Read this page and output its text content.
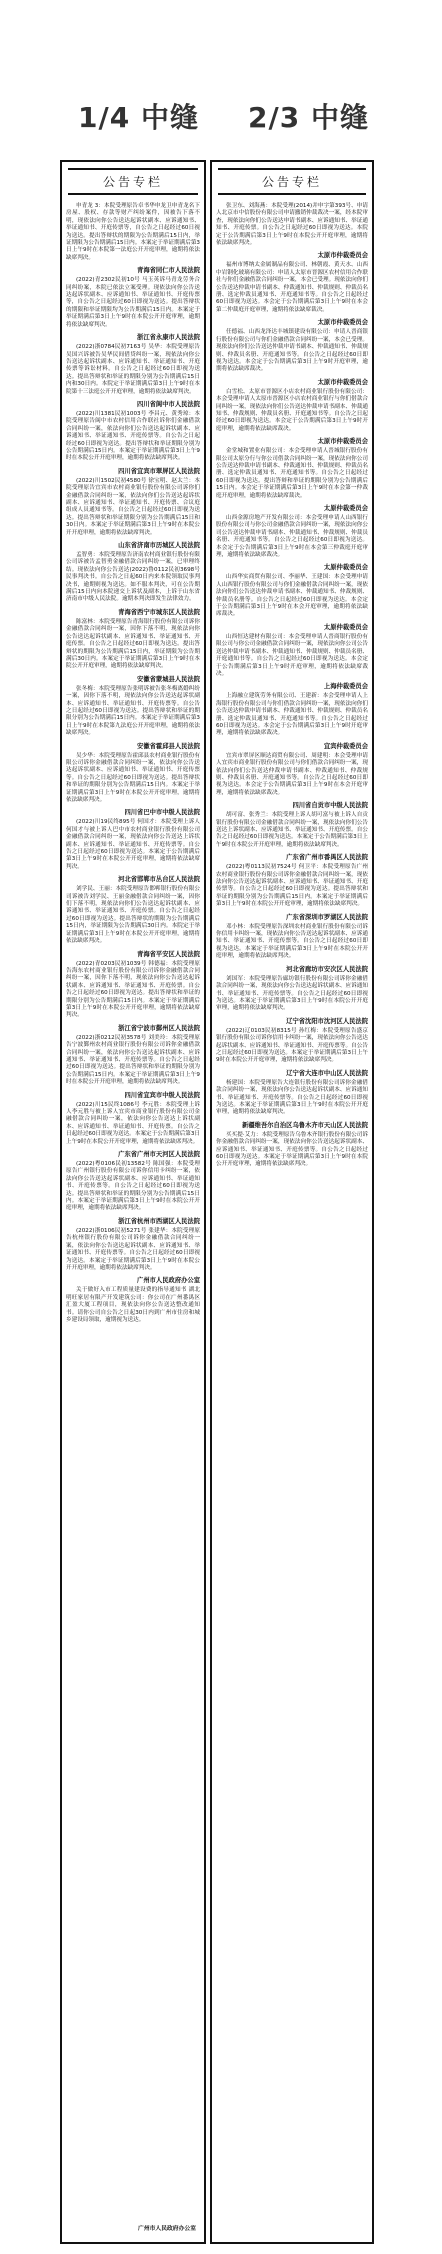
1/4 中缝 2/3 中缝
公告专栏
申青龙 3：本院受理原告卓书华申龙卫申青龙名下房屋、股权、存款等财产纠纷案件，因被告下落不明，现依法向你公告送达起诉状副本、应诉通知书、举证通知书、开庭传票等，自公告之日起经过60日视为送达。提出答辩状的期限为公告期满后15日内，举证期限为公告期满后15日内。本案定于举证期满后第3日上午9时在本院第一法庭公开开庭审理，逾期将依法缺席判决。
青海省同仁市人民法院
(2022)青2302民初10号 马玉英诉马青龙劳务合同纠纷案，本院已依法立案受理。现依法向你公告送达起诉状副本、应诉通知书、举证通知书、开庭传票等，自公告之日起经过60日即视为送达。提出答辩状的期限和举证期限均为公告期满后15日内。本案定于举证期满后第3日上午9时在本院公开开庭审理，逾期将依法缺席判决。
浙江省永康市人民法院
(2022)浙0784民初7163号 吴华：本院受理原告吴国兴诉被告吴华民间借贷纠纷一案，现依法向你公告送达起诉状副本、应诉通知书、举证通知书、开庭传票等诉讼材料。自公告之日起经过60日即视为送达。提出答辩状和举证的期限分别为公告期满后15日内和30日内。本院定于举证期满后第3日上午9时在本院第十三法庭公开开庭审理，逾期将依法缺席判决。
四川省阆中市人民法院
(2022)川1381民初1003号 李昌元、黄秀琼：本院受理原告阆中市农村信用合作联社诉你们金融借款合同纠纷一案，依法向你们公告送达起诉状副本、应诉通知书、举证通知书、开庭传票等。自公告之日起经过60日即视为送达。提出答辩状和举证期限分别为公告期满后15日内。本案定于举证期满后第3日上午9时在本院公开开庭审理，逾期将依法缺席判决。
四川省宜宾市翠屏区人民法院
(2022)川1502民初4580号 徐宝明、赵太兰：本院受理原告宜宾市农村商业银行股份有限公司诉你们金融借款合同纠纷一案，依法向你们公告送达起诉状副本、应诉通知书、举证通知书、开庭传票、合议庭组成人员通知书等。自公告之日起经过60日即视为送达。提出答辩状和举证期限分别为公告期满后15日和30日内。本案定于举证期满后第3日上午9时在本院公开开庭审理，逾期将依法缺席判决。
山东省济南市历城区人民法院
孟智勇：本院受理原告济南农村商业银行股份有限公司诉被告孟智勇金融借款合同纠纷一案，已审理终结。现依法向你公告送达(2022)鲁0112民初3698号民事判决书。自公告之日起60日内来本院领取民事判决书，逾期则视为送达。如不服本判决，可在公告期满后15日内向本院递交上诉状及副本，上诉于山东省济南市中级人民法院。逾期本判决即发生法律效力。
青海省西宁市城东区人民法院
陈富林：本院受理原告青海银行股份有限公司诉你金融借款合同纠纷一案，因你下落不明，现依法向你公告送达起诉状副本、应诉通知书、举证通知书、开庭传票。自公告之日起经过60日即视为送达。提出答辩状的期限为公告期满后15日内，举证期限为公告期满后30日内。本案定于举证期满后第3日上午9时在本院公开开庭审理，逾期将依法缺席判决。
安徽省蒙城县人民法院
张冬梅：本院受理原告张明诉被告张冬梅离婚纠纷一案，因你下落不明，现依法向你公告送达起诉状副本、应诉通知书、举证通知书、开庭传票等。自公告之日起经过60日即视为送达。提出答辩状和举证的期限分别为公告期满后15日内。本案定于举证期满后第3日上午9时在本院第九法庭公开开庭审理，逾期将依法缺席判决。
安徽省霍邱县人民法院
吴少华：本院受理原告霍邱县农村商业银行股份有限公司诉你金融借款合同纠纷一案，依法向你公告送达起诉状副本、应诉通知书、举证通知书、开庭传票等。自公告之日起经过60日即视为送达。提出答辩状和举证的期限分别为公告期满后15日内。本案定于举证期满后第3日上午9时在本院公开开庭审理，逾期将依法缺席判决。
四川省巴中市中级人民法院
(2022)川19民终895号 何国才：本院受理上诉人何国才与被上诉人巴中市农村商业银行股份有限公司金融借款合同纠纷一案，现依法向你公告送达上诉状副本、应诉通知书、举证通知书、开庭传票等。自公告之日起经过60日即视为送达。本案定于公告期满后第3日上午9时在本院公开开庭审理，逾期将依法缺席判决。
河北省邯郸市丛台区人民法院
刘学民、王丽：本院受理原告邯郸银行股份有限公司诉被告刘学民、王丽金融借款合同纠纷一案，因你们下落不明，现依法向你们公告送达起诉状副本、应诉通知书、举证通知书、开庭传票。自公告之日起经过60日即视为送达。提出答辩状的期限为公告期满后15日内，举证期限为公告期满后30日内。本院定于举证期满后第3日上午9时在本院公开开庭审理，逾期将依法缺席判决。
青海省平安区人民法院
(2022)青0203民初1039号 韩德福：本院受理原告海东农村商业银行股份有限公司诉你金融借款合同纠纷一案，因你下落不明，现依法向你公告送达起诉状副本、应诉通知书、举证通知书、开庭传票。自公告之日起经过60日即视为送达。提出答辩状和举证的期限分别为公告期满后15日内。本案定于举证期满后第3日上午9时在本院公开开庭审理，逾期将依法缺席判决。
浙江省宁波市鄞州区人民法院
(2022)浙0212民初3578号 刘美玲：本院受理原告宁波鄞州农村商业银行股份有限公司诉你金融借款合同纠纷一案，依法向你公告送达起诉状副本、应诉通知书、举证通知书、开庭传票等。自公告之日起经过60日即视为送达。提出答辩状和举证的期限分别为公告期满后15日内。本案定于举证期满后第3日上午9时在本院公开开庭审理，逾期将依法缺席判决。
四川省宜宾市中级人民法院
(2022)川15民终1086号 李元胜：本院受理上诉人李元胜与被上诉人宜宾市商业银行股份有限公司金融借款合同纠纷一案，依法向你公告送达上诉状副本、应诉通知书、举证通知书、开庭传票。自公告之日起经过60日即视为送达。本案定于公告期满后第3日上午9时在本院公开开庭审理，逾期将依法缺席判决。
广东省广州市天河区人民法院
(2022)粤0106民初13582号 陈国强：本院受理原告广州银行股份有限公司诉你信用卡纠纷一案，依法向你公告送达起诉状副本、应诉通知书、举证通知书、开庭传票等。自公告之日起经过60日即视为送达。提出答辩状和举证的期限分别为公告期满后15日内。本案定于举证期满后第3日上午9时在本院公开开庭审理，逾期将依法缺席判决。
浙江省杭州市西湖区人民法院
(2022)浙0106民初5271号 张建华：本院受理原告杭州银行股份有限公司诉你金融借款合同纠纷一案，依法向你公告送达起诉状副本、应诉通知书、举证通知书、开庭传票等。自公告之日起经过60日即视为送达。本案定于举证期满后第3日上午9时在本院公开开庭审理，逾期将依法缺席判决。
广州市人民政府办公室
关于做好入市工程质量建设费的指导通知书 湖北明旺家居有限产开发建筑公司：你公司在广州番禺区汇盈大厦工程项目，现依法向你公告送达整改通知书。请你公司自公告之日起30日内到广州市住房和城乡建设局领取，逾期视为送达。
广州市人民政府办公室
公告专栏
张卫东、刘海燕：本院受理(2014)并申字第393号、申请人北京市中信股份有限公司申请撤销仲裁裁决一案，经本院审查，现依法向你们公告送达申请书副本、应诉通知书、举证通知书、开庭传票。自公告之日起经过60日即视为送达。本院定于公告期满后第3日上午9时在本院公开开庭审理，逾期将依法缺席判决。
太原市仲裁委员会
福州市博纳太金属制品有限公司、林朝霞、黄天水、山西中岩钢化玻璃有限公司：申请人太原市晋源区农村信用合作联社与你们金融借款合同纠纷一案，本会已受理。现依法向你们公告送达仲裁申请书副本、仲裁通知书、仲裁规则、仲裁员名册、选定仲裁员通知书、开庭通知书等。自公告之日起经过60日即视为送达。本会定于公告期满后第3日上午9时在本会第二仲裁庭开庭审理，逾期将依法缺席裁决。
太原市仲裁委员会
任德福、山西龙泽达丰城镇建设有限公司：申请人晋商银行股份有限公司与你们金融借款合同纠纷一案，本会已受理。现依法向你们公告送达仲裁申请书副本、仲裁通知书、仲裁规则、仲裁员名册、开庭通知书等。自公告之日起经过60日即视为送达。本会定于公告期满后第3日上午9时开庭审理，逾期将依法缺席裁决。
太原市仲裁委员会
白雪松、太原市晋源区小店农村商业银行股份有限公司：本会受理申请人太原市晋源区小店农村商业银行与你们借款合同纠纷一案，现依法向你们公告送达仲裁申请书副本、仲裁通知书、仲裁规则、仲裁员名册、开庭通知书等。自公告之日起经过60日即视为送达。本会定于公告期满后第3日上午9时开庭审理，逾期将依法缺席裁决。
太原市仲裁委员会
金堂城和置业有限公司：本会受理申请人晋城银行股份有限公司太原分行与你公司借款合同纠纷一案，现依法向你公司公告送达仲裁申请书副本、仲裁通知书、仲裁规则、仲裁员名册、选定仲裁员通知书、开庭通知书等。自公告之日起经过60日即视为送达。提出答辩和举证的期限分别为公告期满后15日内。本会定于举证期满后第3日上午9时在本会第一仲裁庭开庭审理，逾期将依法缺席裁决。
太原仲裁委员会
山西金源房地产开发有限公司：本会受理申请人山西银行股份有限公司与你公司金融借款合同纠纷一案，现依法向你公司公告送达仲裁申请书副本、仲裁通知书、仲裁规则、仲裁员名册、开庭通知书等。自公告之日起经过60日即视为送达。本会定于公告期满后第3日上午9时在本会第三仲裁庭开庭审理，逾期将依法缺席裁决。
太原仲裁委员会
山西华实商贸有限公司、李丽华、王建国：本会受理申请人山西银行股份有限公司与你们金融借款合同纠纷一案，现依法向你们公告送达仲裁申请书副本、仲裁通知书、仲裁规则、仲裁员名册等。自公告之日起经过60日即视为送达。本会定于公告期满后第3日上午9时在本会开庭审理，逾期将依法缺席裁决。
太原仲裁委员会
山西恒达建材有限公司：本会受理申请人晋商银行股份有限公司与你公司金融借款合同纠纷一案，现依法向你公司公告送达仲裁申请书副本、仲裁通知书、仲裁规则、仲裁员名册、开庭通知书等。自公告之日起经过60日即视为送达。本会定于公告期满后第3日上午9时开庭审理，逾期将依法缺席裁决。
上海仲裁委员会
上海融立建筑劳务有限公司、王建新：本会受理申请人上海银行股份有限公司与你们借款合同纠纷一案，现依法向你们公告送达仲裁申请书副本、仲裁通知书、仲裁规则、仲裁员名册、选定仲裁员通知书、开庭通知书等。自公告之日起经过60日即视为送达。本会定于公告期满后第3日上午9时开庭审理，逾期将依法缺席裁决。
宜宾仲裁委员会
宜宾市翠屏区顺达商贸有限公司、周建明：本会受理申请人宜宾市商业银行股份有限公司与你们借款合同纠纷一案，现依法向你们公告送达仲裁申请书副本、仲裁通知书、仲裁规则、仲裁员名册、开庭通知书等。自公告之日起经过60日即视为送达。本会定于公告期满后第3日上午9时在本会开庭审理，逾期将依法缺席裁决。
四川省自贡市中级人民法院
胡可富、张秀兰：本院受理上诉人胡可富与被上诉人自贡银行股份有限公司金融借款合同纠纷一案，现依法向你们公告送达上诉状副本、应诉通知书、举证通知书、开庭传票。自公告之日起经过60日即视为送达。本案定于公告期满后第3日上午9时在本院公开开庭审理，逾期将依法缺席判决。
广东省广州市番禺区人民法院
(2022)粤0113民初7524号 何卫平：本院受理原告广州农村商业银行股份有限公司诉你金融借款合同纠纷一案，现依法向你公告送达起诉状副本、应诉通知书、举证通知书、开庭传票等。自公告之日起经过60日即视为送达。提出答辩状和举证的期限分别为公告期满后15日内。本案定于举证期满后第3日上午9时在本院公开开庭审理，逾期将依法缺席判决。
广东省深圳市罗湖区人民法院
邓小林：本院受理原告深圳农村商业银行股份有限公司诉你信用卡纠纷一案，现依法向你公告送达起诉状副本、应诉通知书、举证通知书、开庭传票等。自公告之日起经过60日即视为送达。本案定于举证期满后第3日上午9时在本院公开开庭审理，逾期将依法缺席判决。
河北省廊坊市安次区人民法院
刘国军：本院受理原告廊坊银行股份有限公司诉你金融借款合同纠纷一案，现依法向你公告送达起诉状副本、应诉通知书、举证通知书、开庭传票等。自公告之日起经过60日即视为送达。本案定于举证期满后第3日上午9时在本院公开开庭审理，逾期将依法缺席判决。
辽宁省沈阳市沈河区人民法院
(2022)辽0103民初8315号 孙红梅：本院受理原告盛京银行股份有限公司诉你信用卡纠纷一案，现依法向你公告送达起诉状副本、应诉通知书、举证通知书、开庭传票等。自公告之日起经过60日即视为送达。本案定于举证期满后第3日上午9时在本院公开开庭审理，逾期将依法缺席判决。
辽宁省大连市中山区人民法院
杨建国：本院受理原告大连银行股份有限公司诉你金融借款合同纠纷一案，现依法向你公告送达起诉状副本、应诉通知书、举证通知书、开庭传票等。自公告之日起经过60日即视为送达。本案定于举证期满后第3日上午9时在本院公开开庭审理，逾期将依法缺席判决。
新疆维吾尔自治区乌鲁木齐市天山区人民法院
买买提·艾力：本院受理原告乌鲁木齐银行股份有限公司诉你金融借款合同纠纷一案，现依法向你公告送达起诉状副本、应诉通知书、举证通知书、开庭传票等。自公告之日起经过60日即视为送达。本案定于举证期满后第3日上午9时在本院公开开庭审理，逾期将依法缺席判决。
